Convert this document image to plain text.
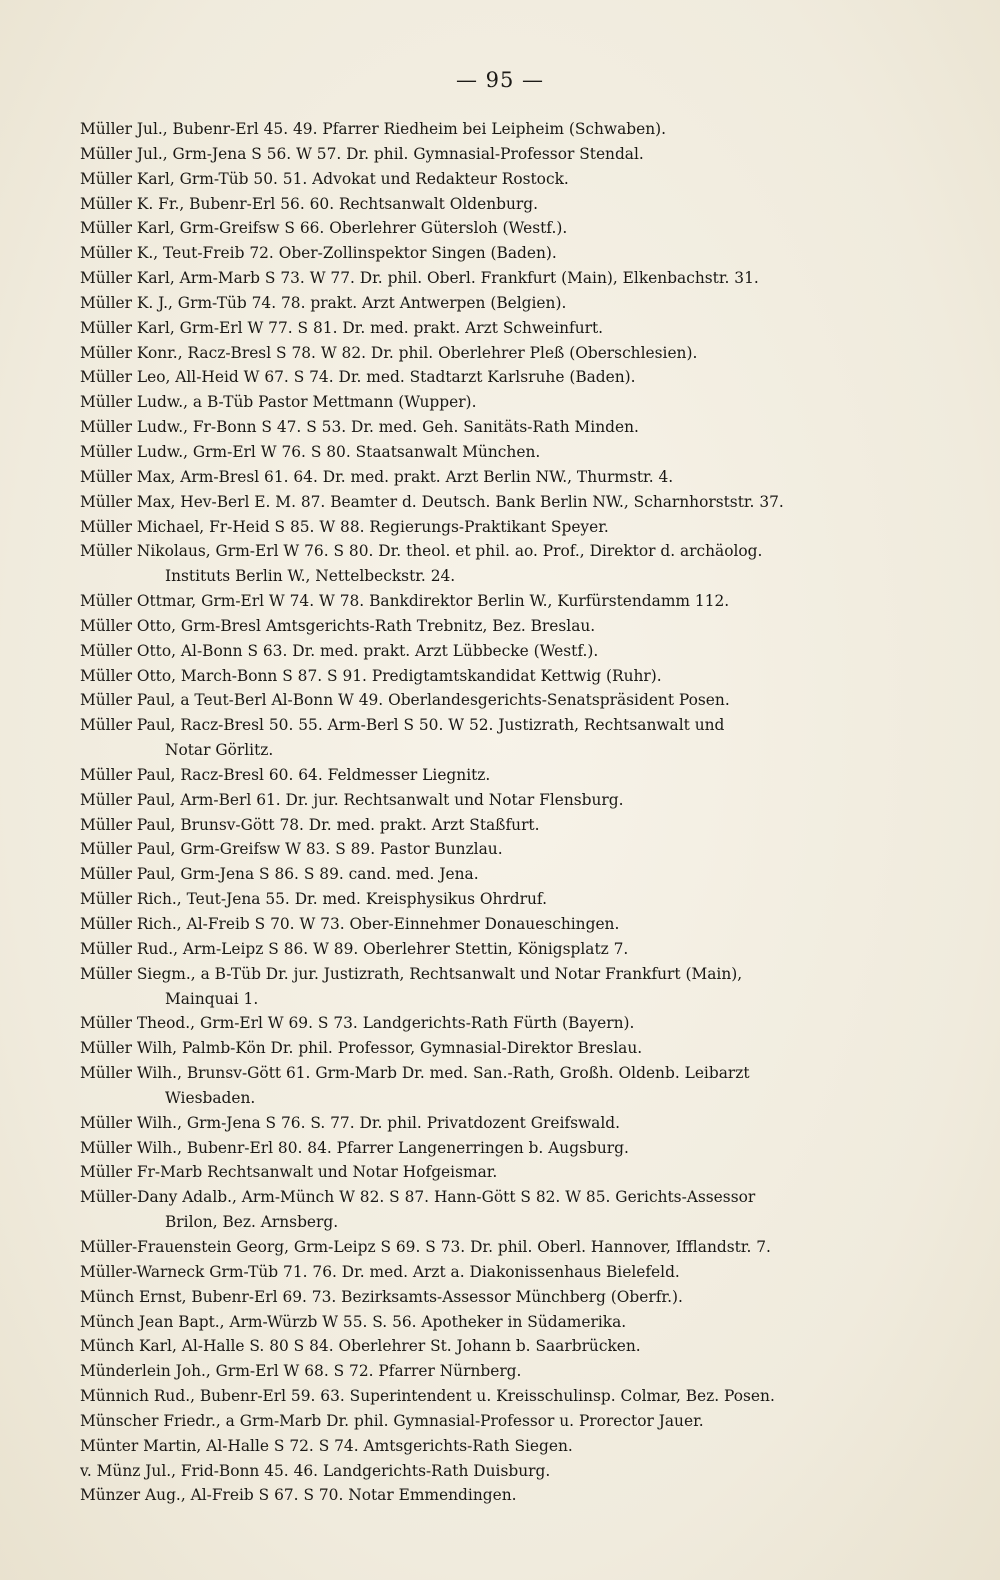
— 95 —
Müller Jul., Bubenr-Erl 45. 49. Pfarrer Riedheim bei Leipheim (Schwaben).
Müller Jul., Grm-Jena S 56. W 57. Dr. phil. Gymnasial-Professor Stendal.
Müller Karl, Grm-Tüb 50. 51. Advokat und Redakteur Rostock.
Müller K. Fr., Bubenr-Erl 56. 60. Rechtsanwalt Oldenburg.
Müller Karl, Grm-Greifsw S 66. Oberlehrer Gütersloh (Westf.).
Müller K., Teut-Freib 72. Ober-Zollinspektor Singen (Baden).
Müller Karl, Arm-Marb S 73. W 77. Dr. phil. Oberl. Frankfurt (Main), Elkenbachstr. 31.
Müller K. J., Grm-Tüb 74. 78. prakt. Arzt Antwerpen (Belgien).
Müller Karl, Grm-Erl W 77. S 81. Dr. med. prakt. Arzt Schweinfurt.
Müller Konr., Racz-Bresl S 78. W 82. Dr. phil. Oberlehrer Pleß (Oberschlesien).
Müller Leo, All-Heid W 67. S 74. Dr. med. Stadtarzt Karlsruhe (Baden).
Müller Ludw., a B-Tüb Pastor Mettmann (Wupper).
Müller Ludw., Fr-Bonn S 47. S 53. Dr. med. Geh. Sanitäts-Rath Minden.
Müller Ludw., Grm-Erl W 76. S 80. Staatsanwalt München.
Müller Max, Arm-Bresl 61. 64. Dr. med. prakt. Arzt Berlin NW., Thurmstr. 4.
Müller Max, Hev-Berl E. M. 87. Beamter d. Deutsch. Bank Berlin NW., Scharnhorststr. 37.
Müller Michael, Fr-Heid S 85. W 88. Regierungs-Praktikant Speyer.
Müller Nikolaus, Grm-Erl W 76. S 80. Dr. theol. et phil. ao. Prof., Direktor d. archäolog.
Instituts Berlin W., Nettelbeckstr. 24.
Müller Ottmar, Grm-Erl W 74. W 78. Bankdirektor Berlin W., Kurfürstendamm 112.
Müller Otto, Grm-Bresl Amtsgerichts-Rath Trebnitz, Bez. Breslau.
Müller Otto, Al-Bonn S 63. Dr. med. prakt. Arzt Lübbecke (Westf.).
Müller Otto, March-Bonn S 87. S 91. Predigtamtskandidat Kettwig (Ruhr).
Müller Paul, a Teut-Berl Al-Bonn W 49. Oberlandesgerichts-Senatspräsident Posen.
Müller Paul, Racz-Bresl 50. 55. Arm-Berl S 50. W 52. Justizrath, Rechtsanwalt und
Notar Görlitz.
Müller Paul, Racz-Bresl 60. 64. Feldmesser Liegnitz.
Müller Paul, Arm-Berl 61. Dr. jur. Rechtsanwalt und Notar Flensburg.
Müller Paul, Brunsv-Gött 78. Dr. med. prakt. Arzt Staßfurt.
Müller Paul, Grm-Greifsw W 83. S 89. Pastor Bunzlau.
Müller Paul, Grm-Jena S 86. S 89. cand. med. Jena.
Müller Rich., Teut-Jena 55. Dr. med. Kreisphysikus Ohrdruf.
Müller Rich., Al-Freib S 70. W 73. Ober-Einnehmer Donaueschingen.
Müller Rud., Arm-Leipz S 86. W 89. Oberlehrer Stettin, Königsplatz 7.
Müller Siegm., a B-Tüb Dr. jur. Justizrath, Rechtsanwalt und Notar Frankfurt (Main),
Mainquai 1.
Müller Theod., Grm-Erl W 69. S 73. Landgerichts-Rath Fürth (Bayern).
Müller Wilh, Palmb-Kön Dr. phil. Professor, Gymnasial-Direktor Breslau.
Müller Wilh., Brunsv-Gött 61. Grm-Marb Dr. med. San.-Rath, Großh. Oldenb. Leibarzt
Wiesbaden.
Müller Wilh., Grm-Jena S 76. S. 77. Dr. phil. Privatdozent Greifswald.
Müller Wilh., Bubenr-Erl 80. 84. Pfarrer Langenerringen b. Augsburg.
Müller Fr-Marb Rechtsanwalt und Notar Hofgeismar.
Müller-Dany Adalb., Arm-Münch W 82. S 87. Hann-Gött S 82. W 85. Gerichts-Assessor
Brilon, Bez. Arnsberg.
Müller-Frauenstein Georg, Grm-Leipz S 69. S 73. Dr. phil. Oberl. Hannover, Ifflandstr. 7.
Müller-Warneck Grm-Tüb 71. 76. Dr. med. Arzt a. Diakonissenhaus Bielefeld.
Münch Ernst, Bubenr-Erl 69. 73. Bezirksamts-Assessor Münchberg (Oberfr.).
Münch Jean Bapt., Arm-Würzb W 55. S. 56. Apotheker in Südamerika.
Münch Karl, Al-Halle S. 80 S 84. Oberlehrer St. Johann b. Saarbrücken.
Münderlein Joh., Grm-Erl W 68. S 72. Pfarrer Nürnberg.
Münnich Rud., Bubenr-Erl 59. 63. Superintendent u. Kreisschulinsp. Colmar, Bez. Posen.
Münscher Friedr., a Grm-Marb Dr. phil. Gymnasial-Professor u. Prorector Jauer.
Münter Martin, Al-Halle S 72. S 74. Amtsgerichts-Rath Siegen.
v. Münz Jul., Frid-Bonn 45. 46. Landgerichts-Rath Duisburg.
Münzer Aug., Al-Freib S 67. S 70. Notar Emmendingen.
